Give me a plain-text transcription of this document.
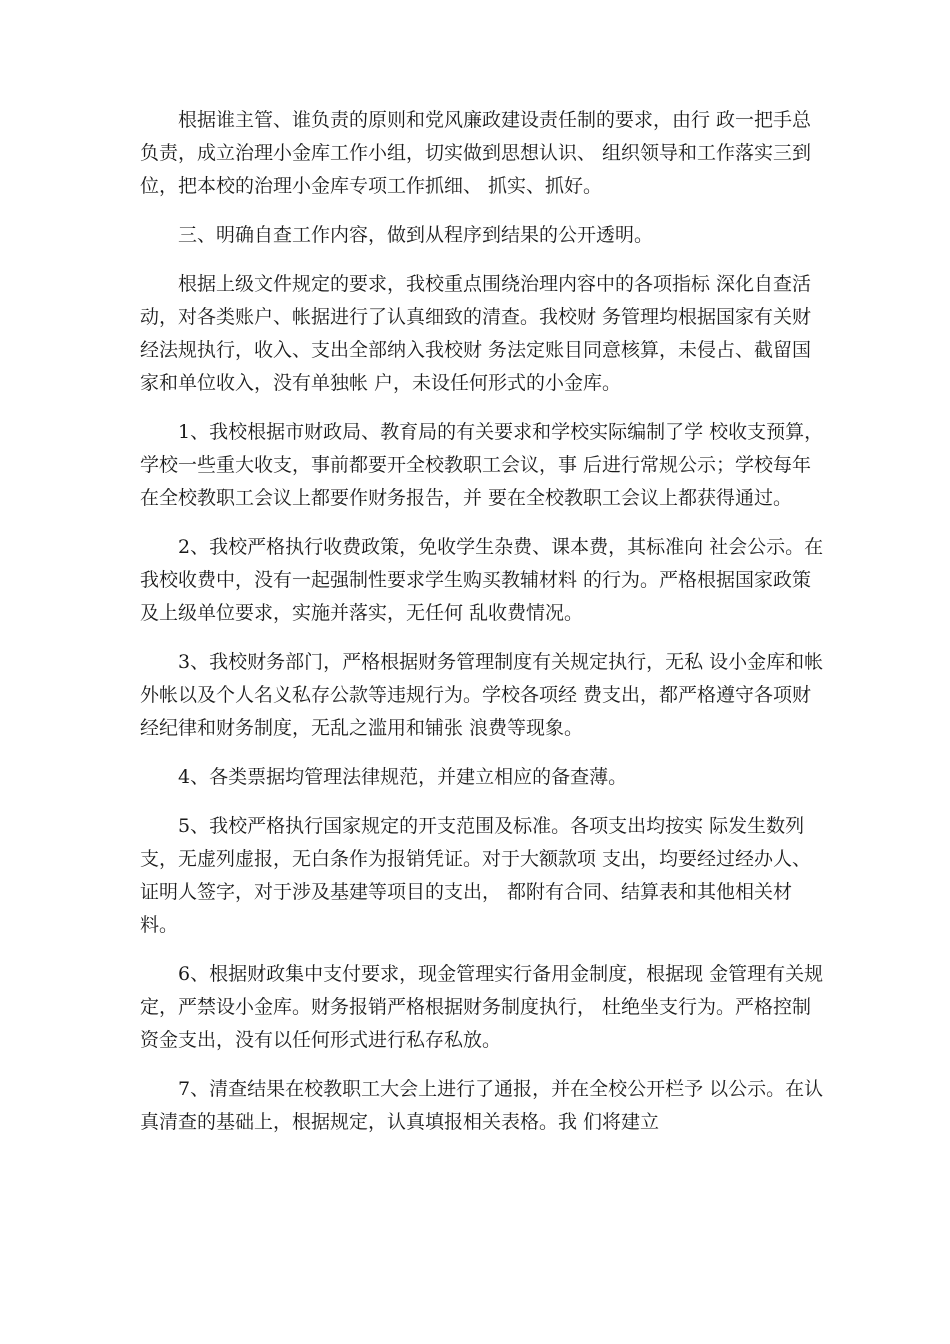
根据谁主管、谁负责的原则和党风廉政建设责任制的要求，由行 政一把手总负责，成立治理小金库工作小组，切实做到思想认识、 组织领导和工作落实三到位，把本校的治理小金库专项工作抓细、 抓实、抓好。

三、明确自查工作内容，做到从程序到结果的公开透明。

根据上级文件规定的要求，我校重点围绕治理内容中的各项指标 深化自查活动，对各类账户、帐据进行了认真细致的清查。我校财 务管理均根据国家有关财经法规执行，收入、支出全部纳入我校财 务法定账目同意核算，未侵占、截留国家和单位收入，没有单独帐 户，未设任何形式的小金库。

1、我校根据市财政局、教育局的有关要求和学校实际编制了学 校收支预算，学校一些重大收支，事前都要开全校教职工会议，事 后进行常规公示；学校每年在全校教职工会议上都要作财务报告，并 要在全校教职工会议上都获得通过。

2、我校严格执行收费政策，免收学生杂费、课本费，其标准向 社会公示。在我校收费中，没有一起强制性要求学生购买教辅材料 的行为。严格根据国家政策及上级单位要求，实施并落实，无任何 乱收费情况。

3、我校财务部门，严格根据财务管理制度有关规定执行，无私 设小金库和帐外帐以及个人名义私存公款等违规行为。学校各项经 费支出，都严格遵守各项财经纪律和财务制度，无乱之滥用和铺张 浪费等现象。

4、各类票据均管理法律规范，并建立相应的备查薄。

5、我校严格执行国家规定的开支范围及标准。各项支出均按实 际发生数列支，无虚列虚报，无白条作为报销凭证。对于大额款项 支出，均要经过经办人、证明人签字，对于涉及基建等项目的支出， 都附有合同、结算表和其他相关材料。

6、根据财政集中支付要求，现金管理实行备用金制度，根据现 金管理有关规定，严禁设小金库。财务报销严格根据财务制度执行， 杜绝坐支行为。严格控制资金支出，没有以任何形式进行私存私放。

7、清查结果在校教职工大会上进行了通报，并在全校公开栏予 以公示。在认真清查的基础上，根据规定，认真填报相关表格。我 们将建立
